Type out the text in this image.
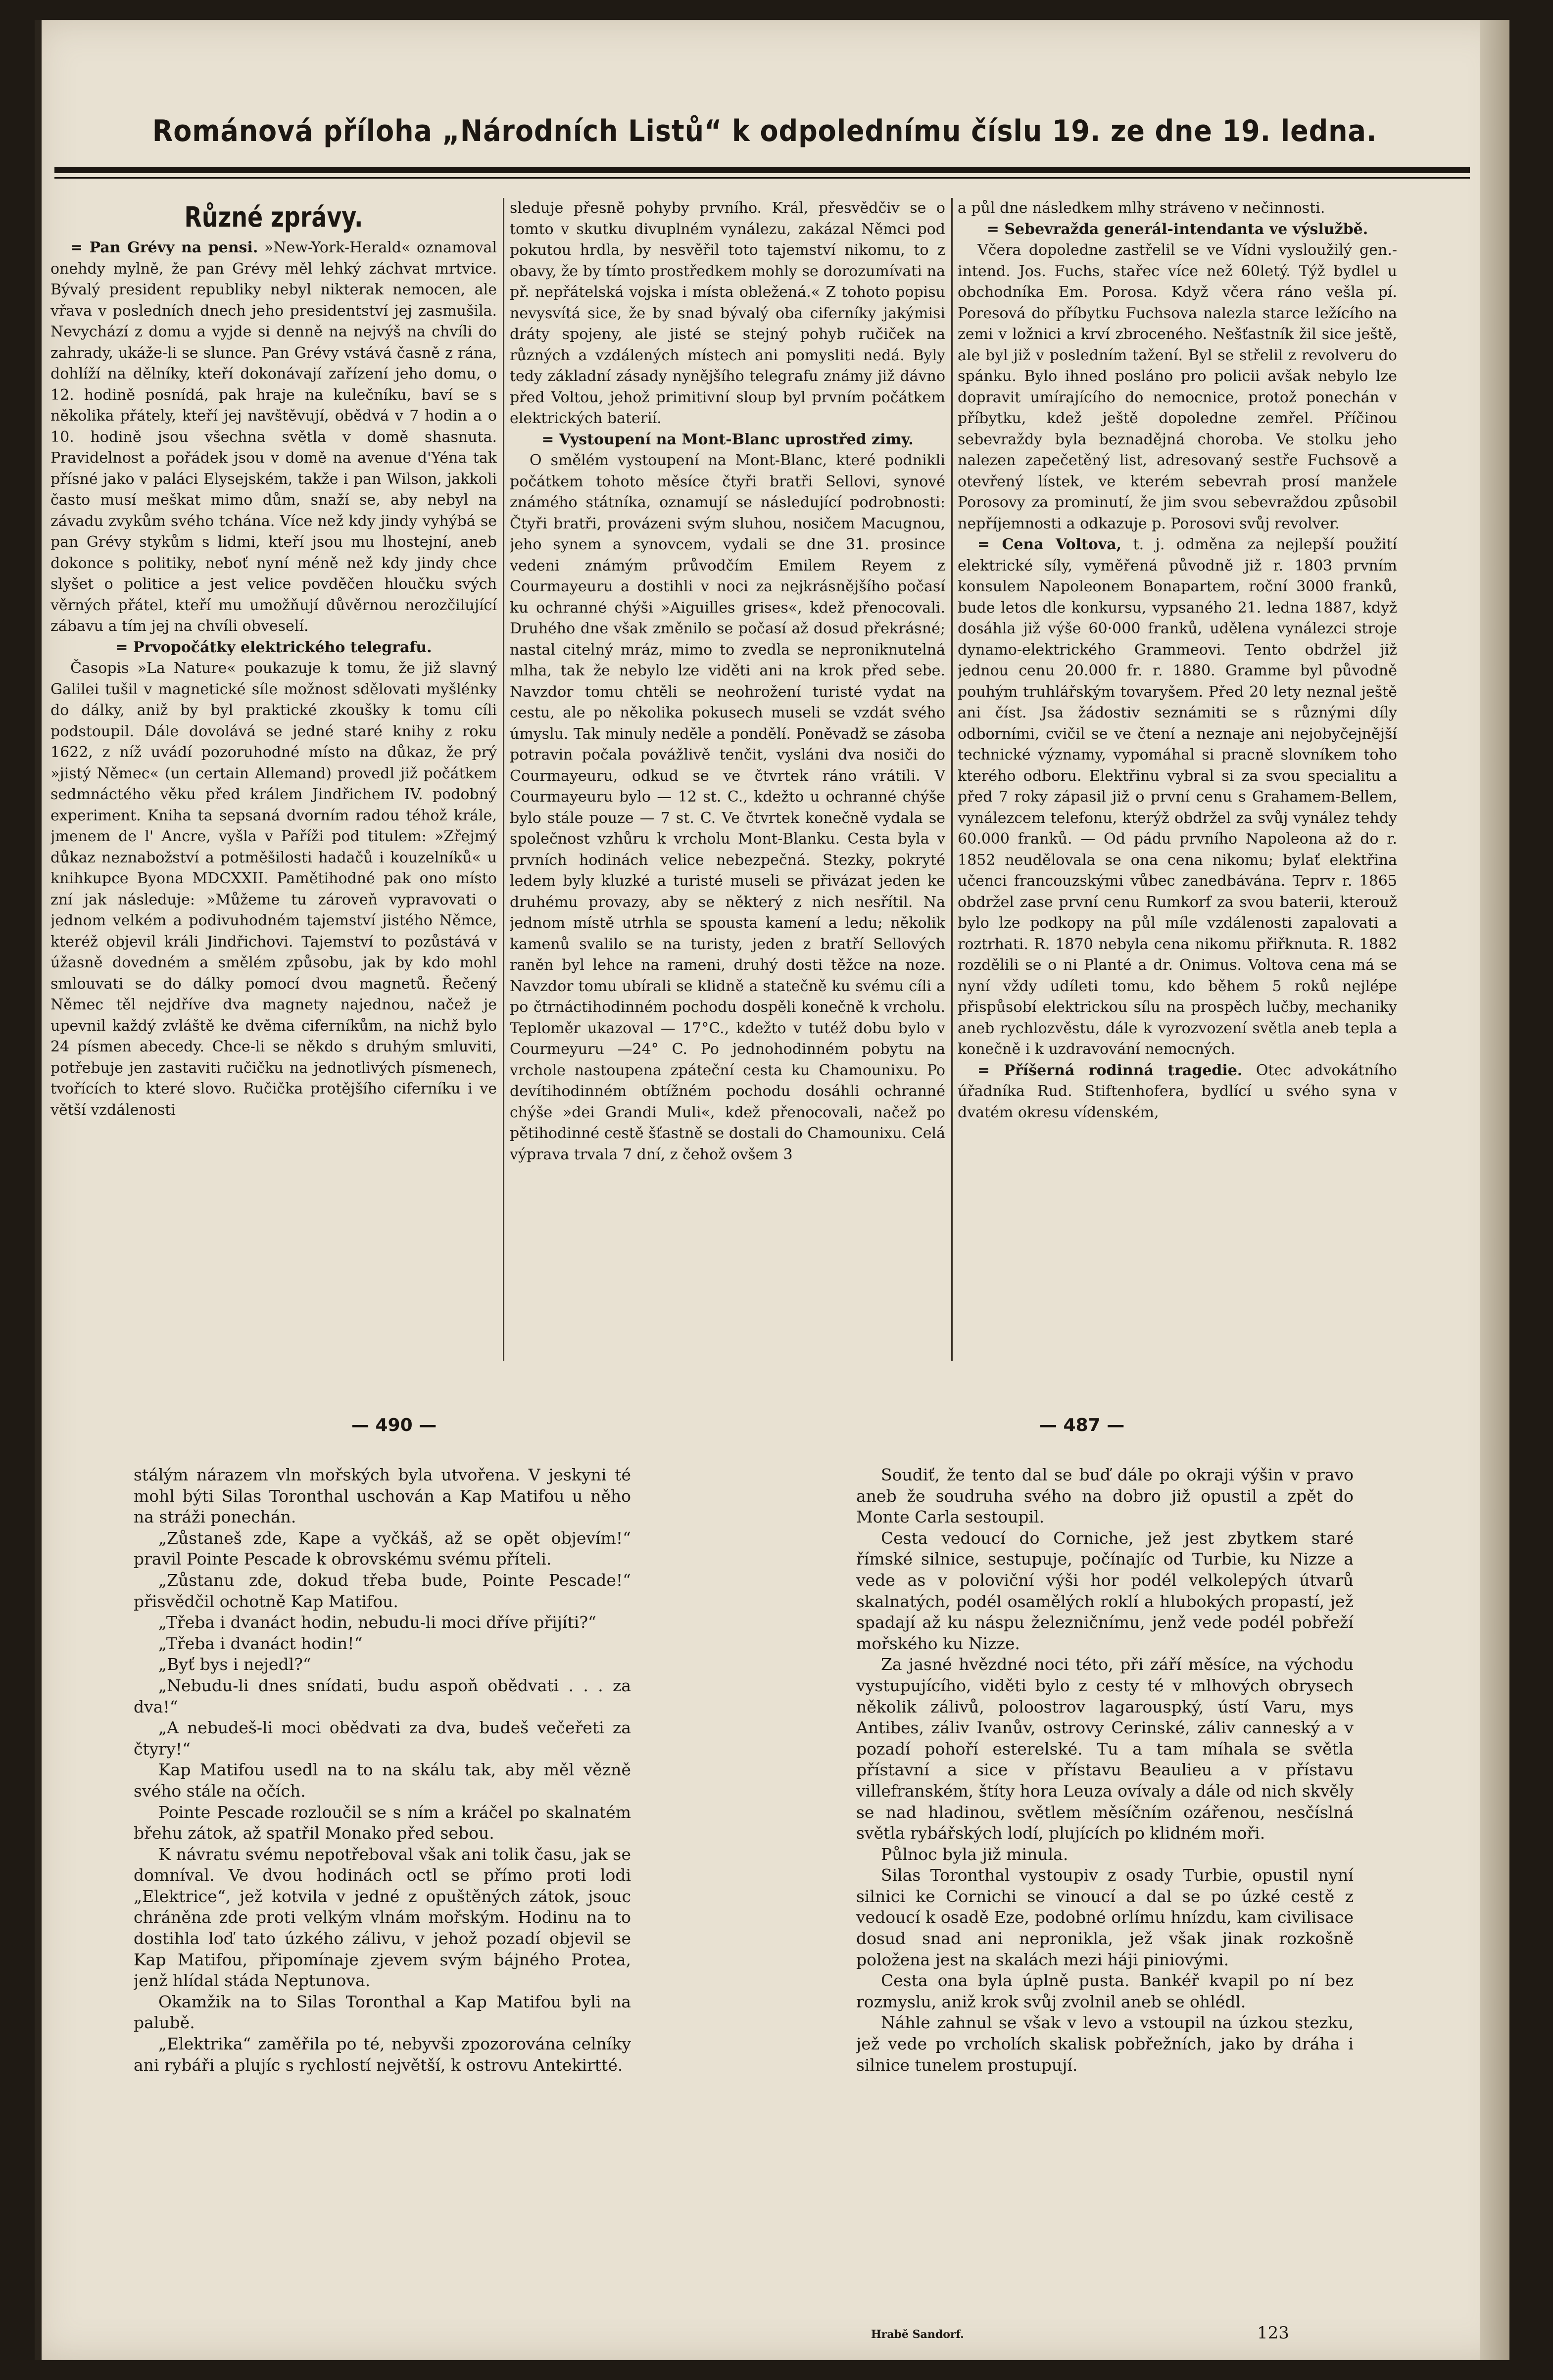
Románová příloha „Národních Listů“ k odpolednímu číslu 19. ze dne 19. ledna.

Různé zprávy.

= Pan Grévy na pensi. »New-York-Herald« oznamoval onehdy mylně, že pan Grévy měl lehký záchvat mrtvice. Bývalý president republiky nebyl nikterak nemocen, ale vřava v posledních dnech jeho presidentství jej zasmušila. Nevychází z domu a vyjde si denně na nejvýš na chvíli do zahrady, ukáže-li se slunce. Pan Grévy vstává časně z rána, dohlíží na dělníky, kteří dokonávají zařízení jeho domu, o 12. hodině posnídá, pak hraje na kulečníku, baví se s několika přátely, kteří jej navštěvují, obědvá v 7 hodin a o 10. hodině jsou všechna světla v domě shasnuta. Pravidelnost a pořádek jsou v domě na avenue d'Yéna tak přísné jako v paláci Elysejském, takže i pan Wilson, jakkoli často musí meškat mimo dům, snaží se, aby nebyl na závadu zvykům svého tchána. Více než kdy jindy vyhýbá se pan Grévy stykům s lidmi, kteří jsou mu lhostejní, aneb dokonce s politiky, neboť nyní méně než kdy jindy chce slyšet o politice a jest velice povděčen hloučku svých věrných přátel, kteří mu umožňují důvěrnou nerozčilující zábavu a tím jej na chvíli obveselí.

= Prvopočátky elektrického telegrafu.

Časopis »La Nature« poukazuje k tomu, že již slavný Galilei tušil v magnetické síle možnost sdělovati myšlénky do dálky, aniž by byl praktické zkoušky k tomu cíli podstoupil. Dále dovolává se jedné staré knihy z roku 1622, z níž uvádí pozoruhodné místo na důkaz, že prý »jistý Němec« (un certain Allemand) provedl již počátkem sedmnáctého věku před králem Jindřichem IV. podobný experiment. Kniha ta sepsaná dvorním radou téhož krále, jmenem de l' Ancre, vyšla v Paříži pod titulem: »Zřejmý důkaz neznabožství a potměšilosti hadačů i kouzelníků« u knihkupce Byona MDCXXII. Pamětihodné pak ono místo zní jak následuje: »Můžeme tu zároveň vypravovati o jednom velkém a podivuhodném tajemství jistého Němce, kteréž objevil králi Jindřichovi. Tajemství to pozůstává v úžasně dovedném a smělém způsobu, jak by kdo mohl smlouvati se do dálky pomocí dvou magnetů. Řečený Němec těl nejdříve dva magnety najednou, načež je upevnil každý zvláště ke dvěma ciferníkům, na nichž bylo 24 písmen abecedy. Chce-li se někdo s druhým smluviti, potřebuje jen zastaviti ručičku na jednotlivých písmenech, tvořících to které slovo. Ručička protějšího ciferníku i ve větší vzdálenosti

sleduje přesně pohyby prvního. Král, přesvědčiv se o tomto v skutku divuplném vynálezu, zakázal Němci pod pokutou hrdla, by nesvěřil toto tajemství nikomu, to z obavy, že by tímto prostředkem mohly se dorozumívati na př. nepřátelská vojska i místa obležená.« Z tohoto popisu nevysvítá sice, že by snad bývalý oba ciferníky jakýmisi dráty spojeny, ale jisté se stejný pohyb ručiček na různých a vzdálených místech ani pomysliti nedá. Byly tedy základní zásady nynějšího telegrafu známy již dávno před Voltou, jehož primitivní sloup byl prvním počátkem elektrických baterií.

= Vystoupení na Mont-Blanc uprostřed zimy.

O smělém vystoupení na Mont-Blanc, které podnikli počátkem tohoto měsíce čtyři bratři Sellovi, synové známého státníka, oznamují se následující podrobnosti: Čtyři bratři, provázeni svým sluhou, nosičem Macugnou, jeho synem a synovcem, vydali se dne 31. prosince vedeni známým průvodčím Emilem Reyem z Courmayeuru a dostihli v noci za nejkrásnějšího počasí ku ochranné chýši »Aiguilles grises«, kdež přenocovali. Druhého dne však změnilo se počasí až dosud překrásné; nastal citelný mráz, mimo to zvedla se neproniknutelná mlha, tak že nebylo lze viděti ani na krok před sebe. Navzdor tomu chtěli se neohrožení turisté vydat na cestu, ale po několika pokusech museli se vzdát svého úmyslu. Tak minuly neděle a pondělí. Poněvadž se zásoba potravin počala povážlivě tenčit, vysláni dva nosiči do Courmayeuru, odkud se ve čtvrtek ráno vrátili. V Courmayeuru bylo — 12 st. C., kdežto u ochranné chýše bylo stále pouze — 7 st. C. Ve čtvrtek konečně vydala se společnost vzhůru k vrcholu Mont-Blanku. Cesta byla v prvních hodinách velice nebezpečná. Stezky, pokryté ledem byly kluzké a turisté museli se přivázat jeden ke druhému provazy, aby se některý z nich nesřítil. Na jednom místě utrhla se spousta kamení a ledu; několik kamenů svalilo se na turisty, jeden z bratří Sellových raněn byl lehce na rameni, druhý dosti těžce na noze. Navzdor tomu ubírali se klidně a statečně ku svému cíli a po čtrnáctihodinném pochodu dospěli konečně k vrcholu. Teploměr ukazoval — 17°C., kdežto v tutéž dobu bylo v Courmeyuru —24° C. Po jednohodinném pobytu na vrchole nastoupena zpáteční cesta ku Chamounixu. Po devítihodinném obtížném pochodu dosáhli ochranné chýše »dei Grandi Muli«, kdež přenocovali, načež po pětihodinné cestě šťastně se dostali do Chamounixu. Celá výprava trvala 7 dní, z čehož ovšem 3

a půl dne následkem mlhy stráveno v nečinnosti.

= Sebevražda generál-intendanta ve výslužbě.

Včera dopoledne zastřelil se ve Vídni vysloužilý gen.-intend. Jos. Fuchs, stařec více než 60letý. Týž bydlel u obchodníka Em. Porosa. Když včera ráno vešla pí. Poresová do příbytku Fuchsova nalezla starce ležícího na zemi v ložnici a krví zbroceného. Nešťastník žil sice ještě, ale byl již v posledním tažení. Byl se střelil z revolveru do spánku. Bylo ihned posláno pro policii avšak nebylo lze dopravit umírajícího do nemocnice, protož ponechán v příbytku, kdež ještě dopoledne zemřel. Příčinou sebevraždy byla beznadějná choroba. Ve stolku jeho nalezen zapečetěný list, adresovaný sestře Fuchsově a otevřený lístek, ve kterém sebevrah prosí manžele Porosovy za prominutí, že jim svou sebevraždou způsobil nepříjemnosti a odkazuje p. Porosovi svůj revolver.

= Cena Voltova, t. j. odměna za nejlepší použití elektrické síly, vyměřená původně již r. 1803 prvním konsulem Napoleonem Bonapartem, roční 3000 franků, bude letos dle konkursu, vypsaného 21. ledna 1887, když dosáhla již výše 60·000 franků, udělena vynálezci stroje dynamo-elektrického Grammeovi. Tento obdržel již jednou cenu 20.000 fr. r. 1880. Gramme byl původně pouhým truhlářským tovaryšem. Před 20 lety neznal ještě ani číst. Jsa žádostiv seznámiti se s různými díly odborními, cvičil se ve čtení a neznaje ani nejobyčejnější technické významy, vypomáhal si pracně slovníkem toho kterého odboru. Elektřinu vybral si za svou specialitu a před 7 roky zápasil již o první cenu s Grahamem-Bellem, vynálezcem telefonu, kterýž obdržel za svůj vynález tehdy 60.000 franků. — Od pádu prvního Napoleona až do r. 1852 neudělovala se ona cena nikomu; bylať elektřina učenci francouzskými vůbec zanedbávána. Teprv r. 1865 obdržel zase první cenu Rumkorf za svou baterii, kterouž bylo lze podkopy na půl míle vzdálenosti zapalovati a roztrhati. R. 1870 nebyla cena nikomu přiřknuta. R. 1882 rozdělili se o ni Planté a dr. Onimus. Voltova cena má se nyní vždy udíleti tomu, kdo během 5 roků nejlépe přispůsobí elektrickou sílu na prospěch lučby, mechaniky aneb rychlozvěstu, dále k vyrozvození světla aneb tepla a konečně i k uzdravování nemocných.

= Příšerná rodinná tragedie. Otec advokátního úřadníka Rud. Stiftenhofera, bydlící u svého syna v dvatém okresu vídenském,

— 490 —	— 487 —

stálým nárazem vln mořských byla utvořena. V jeskyni té mohl býti Silas Toronthal uschován a Kap Matifou u něho na stráži ponechán.

„Zůstaneš zde, Kape a vyčkáš, až se opět objevím!“ pravil Pointe Pescade k obrovskému svému příteli.

„Zůstanu zde, dokud třeba bude, Pointe Pescade!“ přisvědčil ochotně Kap Matifou.

„Třeba i dvanáct hodin, nebudu-li moci dříve přijíti?“

„Třeba i dvanáct hodin!“

„Byť bys i nejedl?“

„Nebudu-li dnes snídati, budu aspoň obědvati . . . za dva!“

„A nebudeš-li moci obědvati za dva, budeš večeřeti za čtyry!“

Kap Matifou usedl na to na skálu tak, aby měl vězně svého stále na očích.

Pointe Pescade rozloučil se s ním a kráčel po skalnatém břehu zátok, až spatřil Monako před sebou.

K návratu svému nepotřeboval však ani tolik času, jak se domníval. Ve dvou hodinách octl se přímo proti lodi „Elektrice“, jež kotvila v jedné z opuštěných zátok, jsouc chráněna zde proti velkým vlnám mořským. Hodinu na to dostihla loď tato úzkého zálivu, v jehož pozadí objevil se Kap Matifou, připomínaje zjevem svým bájného Protea, jenž hlídal stáda Neptunova.

Okamžik na to Silas Toronthal a Kap Matifou byli na palubě.

„Elektrika“ zaměřila po té, nebyvši zpozorována celníky ani rybáři a plujíc s rychlostí největší, k ostrovu Antekirtté.

Soudiť, že tento dal se buď dále po okraji výšin v pravo aneb že soudruha svého na dobro již opustil a zpět do Monte Carla sestoupil.

Cesta vedoucí do Corniche, jež jest zbytkem staré římské silnice, sestupuje, počínajíc od Turbie, ku Nizze a vede as v poloviční výši hor podél velkolepých útvarů skalnatých, podél osamělých roklí a hlubokých propastí, jež spadají až ku náspu železničnímu, jenž vede podél pobřeží mořského ku Nizze.

Za jasné hvězdné noci této, při září měsíce, na východu vystupujícího, viděti bylo z cesty té v mlhových obrysech několik zálivů, poloostrov lagarouspký, ústí Varu, mys Antibes, záliv Ivanův, ostrovy Cerinské, záliv canneský a v pozadí pohoří esterelské. Tu a tam míhala se světla přístavní a sice v přístavu Beaulieu a v přístavu villefranském, štíty hora Leuza ovívaly a dále od nich skvěly se nad hladinou, světlem měsíčním ozářenou, nesčíslná světla rybářských lodí, plujících po klidném moři.

Půlnoc byla již minula.

Silas Toronthal vystoupiv z osady Turbie, opustil nyní silnici ke Cornichi se vinoucí a dal se po úzké cestě z vedoucí k osadě Eze, podobné orlímu hnízdu, kam civilisace dosud snad ani nepronikla, jež však jinak rozkošně položena jest na skalách mezi háji piniovými.

Cesta ona byla úplně pusta. Bankéř kvapil po ní bez rozmyslu, aniž krok svůj zvolnil aneb se ohlédl.

Náhle zahnul se však v levo a vstoupil na úzkou stezku, jež vede po vrcholích skalisk pobřežních, jako by dráha i silnice tunelem prostupují.

Hrabě Sandorf.	123
